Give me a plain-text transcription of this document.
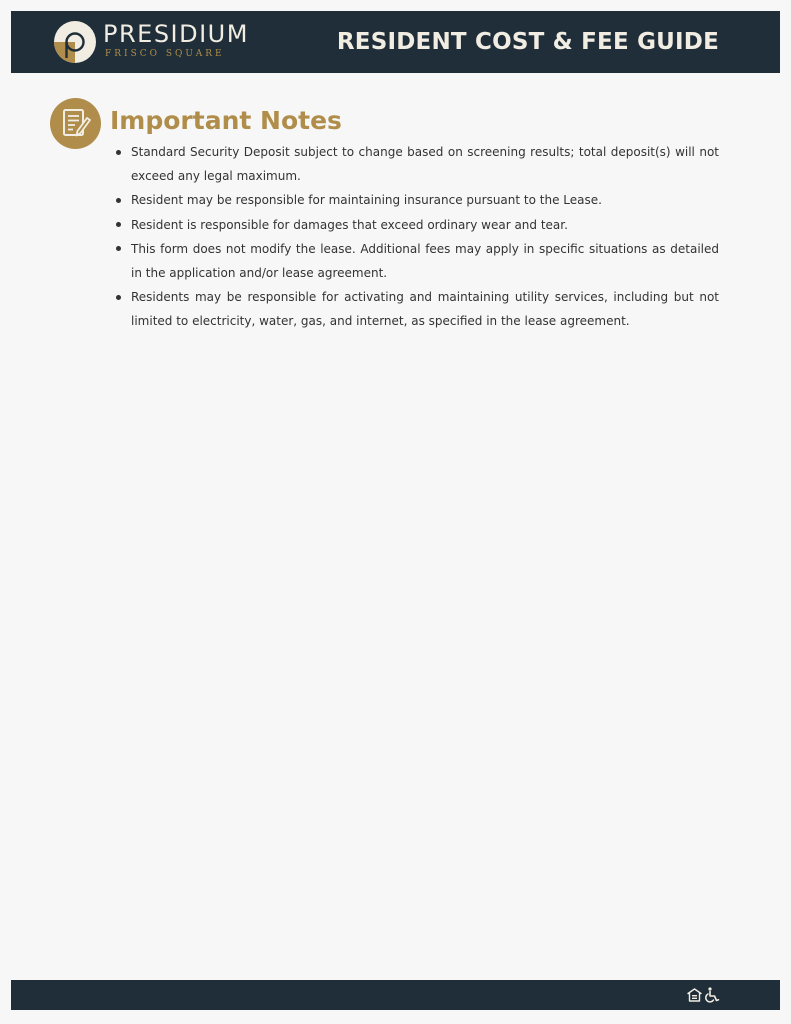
PRESIDIUM
FRISCO SQUARE	RESIDENT COST & FEE GUIDE
Important Notes
Standard Security Deposit subject to change based on screening results; total deposit(s) will not exceed any legal maximum.
Resident may be responsible for maintaining insurance pursuant to the Lease.
Resident is responsible for damages that exceed ordinary wear and tear.
This form does not modify the lease. Additional fees may apply in specific situations as detailed in the application and/or lease agreement.
Residents may be responsible for activating and maintaining utility services, including but not limited to electricity, water, gas, and internet, as specified in the lease agreement.
